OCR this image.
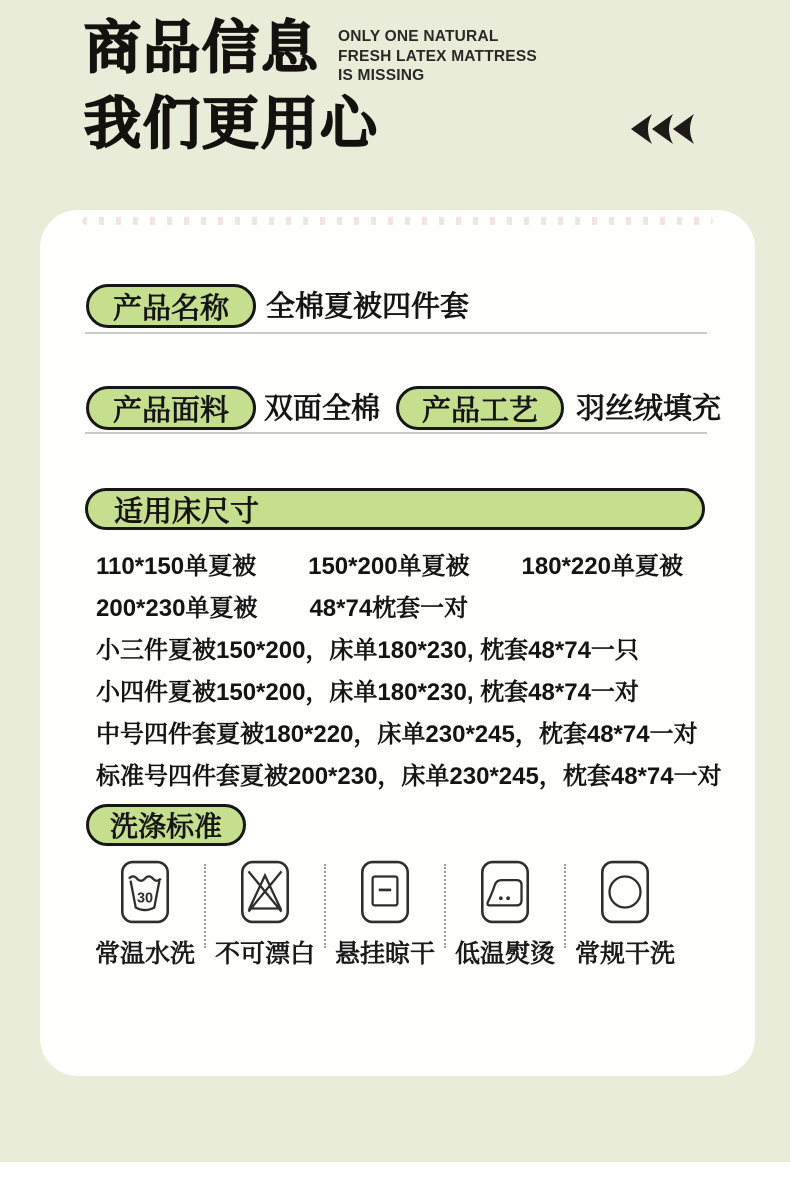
商品信息
我们更用心
ONLY ONE NATURAL
FRESH LATEX MATTRESS
IS MISSING
产品名称 全棉夏被四件套
产品面料 双面全棉 产品工艺 羽丝绒填充
适用床尺寸
110*150单夏被 150*200单夏被 180*220单夏被
200*230单夏被 48*74枕套一对
小三件夏被150*200，床单180*230, 枕套48*74一只
小四件夏被150*200，床单180*230, 枕套48*74一对
中号四件套夏被180*220，床单230*245，枕套48*74一对
标准号四件套夏被200*230，床单230*245，枕套48*74一对
洗涤标准
30
常温水洗 不可漂白 悬挂晾干 低温熨烫 常规干洗
